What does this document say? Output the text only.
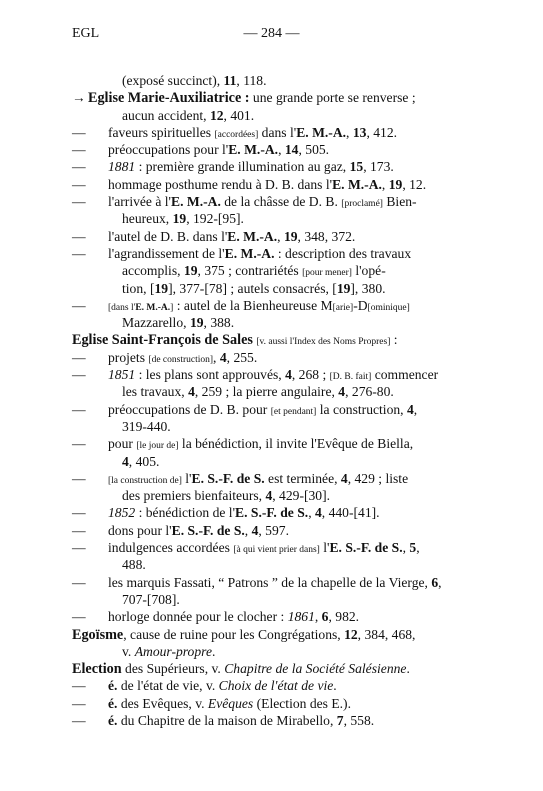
— 284 —
EGL
(exposé succinct), 11, 118.
→ Eglise Marie-Auxiliatrice : une grande porte se renverse ;
aucun accident, 12, 401.
— faveurs spirituelles [accordées] dans l'E. M.-A., 13, 412.
— préoccupations pour l'E. M.-A., 14, 505.
— 1881 : première grande illumination au gaz, 15, 173.
— hommage posthume rendu à D. B. dans l'E. M.-A., 19, 12.
— l'arrivée à l'E. M.-A. de la châsse de D. B. [proclamé] Bien-
heureux, 19, 192-[95].
— l'autel de D. B. dans l'E. M.-A., 19, 348, 372.
— l'agrandissement de l'E. M.-A. : description des travaux
accomplis, 19, 375 ; contrariétés [pour mener] l'opé-
tion, [19], 377-[78] ; autels consacrés, [19], 380.
— [dans l'E. M.-A.] : autel de la Bienheureuse M[arie]-D[ominique]
Mazzarello, 19, 388.
Eglise Saint-François de Sales [v. aussi l'Index des Noms Propres] :
— projets [de construction], 4, 255.
— 1851 : les plans sont approuvés, 4, 268 ; [D. B. fait] commencer
les travaux, 4, 259 ; la pierre angulaire, 4, 276-80.
— préoccupations de D. B. pour [et pendant] la construction, 4,
319-440.
— pour [le jour de] la bénédiction, il invite l'Evêque de Biella,
4, 405.
— [la construction de] l'E. S.-F. de S. est terminée, 4, 429 ; liste
des premiers bienfaiteurs, 4, 429-[30].
— 1852 : bénédiction de l'E. S.-F. de S., 4, 440-[41].
— dons pour l'E. S.-F. de S., 4, 597.
— indulgences accordées [à qui vient prier dans] l'E. S.-F. de S., 5,
488.
— les marquis Fassati, “ Patrons ” de la chapelle de la Vierge, 6,
707-[708].
— horloge donnée pour le clocher : 1861, 6, 982.
Egoïsme, cause de ruine pour les Congrégations, 12, 384, 468,
v. Amour-propre.
Election des Supérieurs, v. Chapitre de la Société Salésienne.
— é. de l'état de vie, v. Choix de l'état de vie.
— é. des Evêques, v. Evêques (Election des E.).
— é. du Chapitre de la maison de Mirabello, 7, 558.
